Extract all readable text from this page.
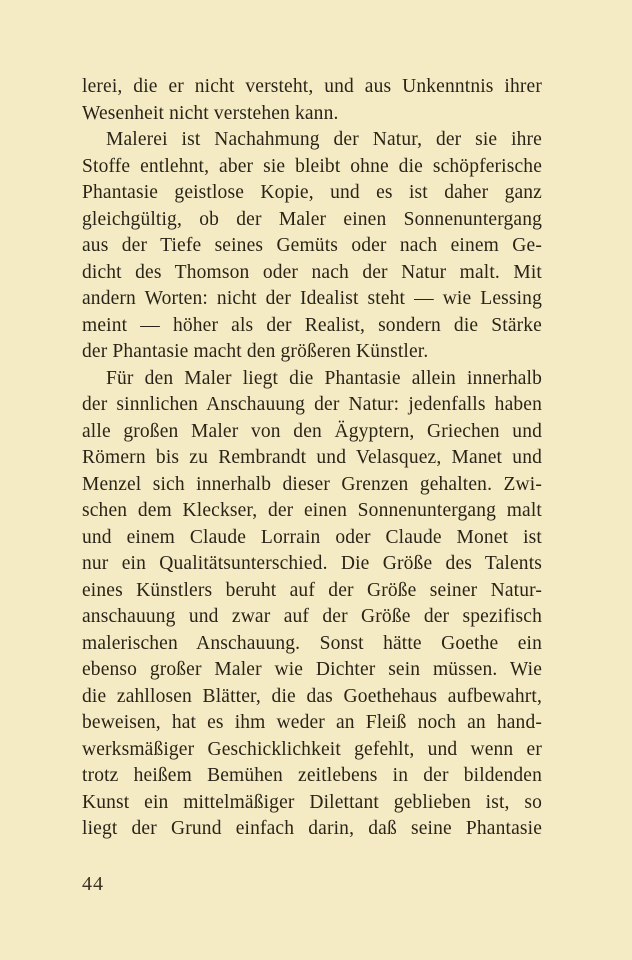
lerei, die er nicht versteht, und aus Unkenntnis ihrer
Wesenheit nicht verstehen kann.
Malerei ist Nachahmung der Natur, der sie ihre
Stoffe entlehnt, aber sie bleibt ohne die schöpferische
Phantasie geistlose Kopie, und es ist daher ganz
gleichgültig, ob der Maler einen Sonnenuntergang
aus der Tiefe seines Gemüts oder nach einem Ge-
dicht des Thomson oder nach der Natur malt. Mit
andern Worten: nicht der Idealist steht — wie Lessing
meint — höher als der Realist, sondern die Stärke
der Phantasie macht den größeren Künstler.
Für den Maler liegt die Phantasie allein innerhalb
der sinnlichen Anschauung der Natur: jedenfalls haben
alle großen Maler von den Ägyptern, Griechen und
Römern bis zu Rembrandt und Velasquez, Manet und
Menzel sich innerhalb dieser Grenzen gehalten. Zwi-
schen dem Kleckser, der einen Sonnenuntergang malt
und einem Claude Lorrain oder Claude Monet ist
nur ein Qualitätsunterschied. Die Größe des Talents
eines Künstlers beruht auf der Größe seiner Natur-
anschauung und zwar auf der Größe der spezifisch
malerischen Anschauung. Sonst hätte Goethe ein
ebenso großer Maler wie Dichter sein müssen. Wie
die zahllosen Blätter, die das Goethehaus aufbewahrt,
beweisen, hat es ihm weder an Fleiß noch an hand-
werksmäßiger Geschicklichkeit gefehlt, und wenn er
trotz heißem Bemühen zeitlebens in der bildenden
Kunst ein mittelmäßiger Dilettant geblieben ist, so
liegt der Grund einfach darin, daß seine Phantasie
44
